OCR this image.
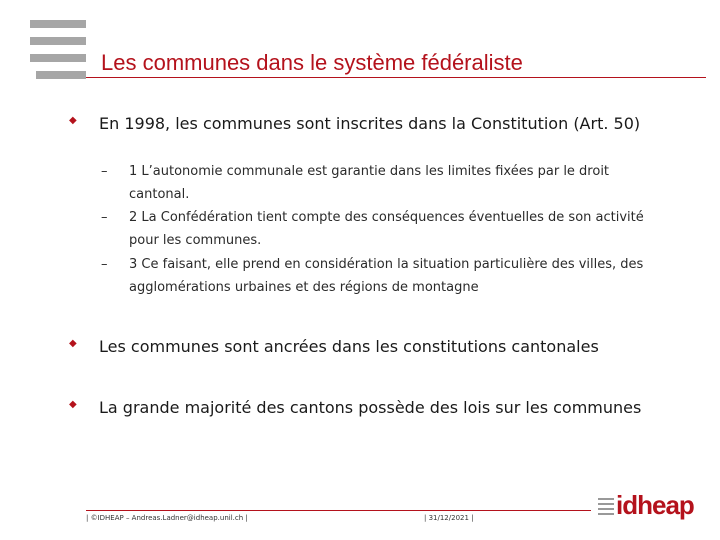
Les communes dans le système fédéraliste
◆ En 1998, les communes sont inscrites dans la Constitution (Art. 50)
– 1 L’autonomie communale est garantie dans les limites fixées par le droit cantonal.
– 2 La Confédération tient compte des conséquences éventuelles de son activité pour les communes.
– 3 Ce faisant, elle prend en considération la situation particulière des villes, des agglomérations urbaines et des régions de montagne
◆ Les communes sont ancrées dans les constitutions cantonales
◆ La grande majorité des cantons possède des lois sur les communes
| ©IDHEAP – Andreas.Ladner@idheap.unil.ch |	| 31/12/2021 |	idheap
